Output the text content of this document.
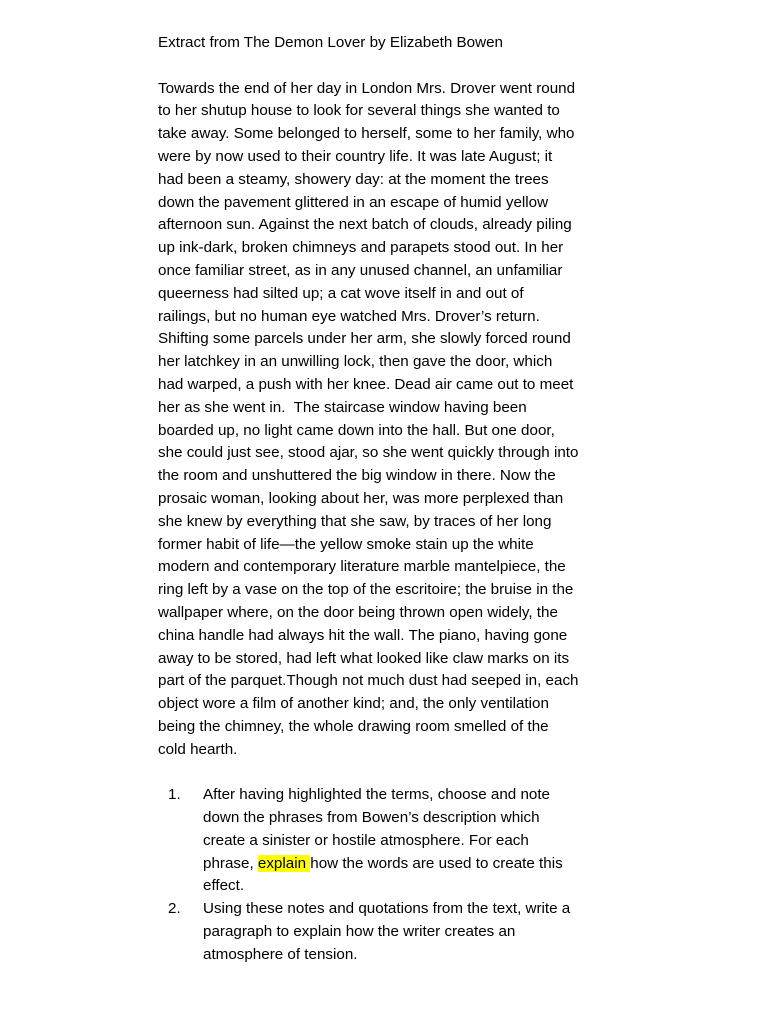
Extract from The Demon Lover by Elizabeth Bowen

Towards the end of her day in London Mrs. Drover went round
to her shutup house to look for several things she wanted to
take away. Some belonged to herself, some to her family, who
were by now used to their country life. It was late August; it
had been a steamy, showery day: at the moment the trees
down the pavement glittered in an escape of humid yellow
afternoon sun. Against the next batch of clouds, already piling
up ink-dark, broken chimneys and parapets stood out. In her
once familiar street, as in any unused channel, an unfamiliar
queerness had silted up; a cat wove itself in and out of
railings, but no human eye watched Mrs. Drover’s return.
Shifting some parcels under her arm, she slowly forced round
her latchkey in an unwilling lock, then gave the door, which
had warped, a push with her knee. Dead air came out to meet
her as she went in.  The staircase window having been
boarded up, no light came down into the hall. But one door,
she could just see, stood ajar, so she went quickly through into
the room and unshuttered the big window in there. Now the
prosaic woman, looking about her, was more perplexed than
she knew by everything that she saw, by traces of her long
former habit of life—the yellow smoke stain up the white
modern and contemporary literature marble mantelpiece, the
ring left by a vase on the top of the escritoire; the bruise in the
wallpaper where, on the door being thrown open widely, the
china handle had always hit the wall. The piano, having gone
away to be stored, had left what looked like claw marks on its
part of the parquet.Though not much dust had seeped in, each
object wore a film of another kind; and, the only ventilation
being the chimney, the whole drawing room smelled of the
cold hearth.
1. After having highlighted the terms, choose and note
down the phrases from Bowen’s description which
create a sinister or hostile atmosphere. For each
phrase, explain how the words are used to create this
effect.
2. Using these notes and quotations from the text, write a
paragraph to explain how the writer creates an
atmosphere of tension.
